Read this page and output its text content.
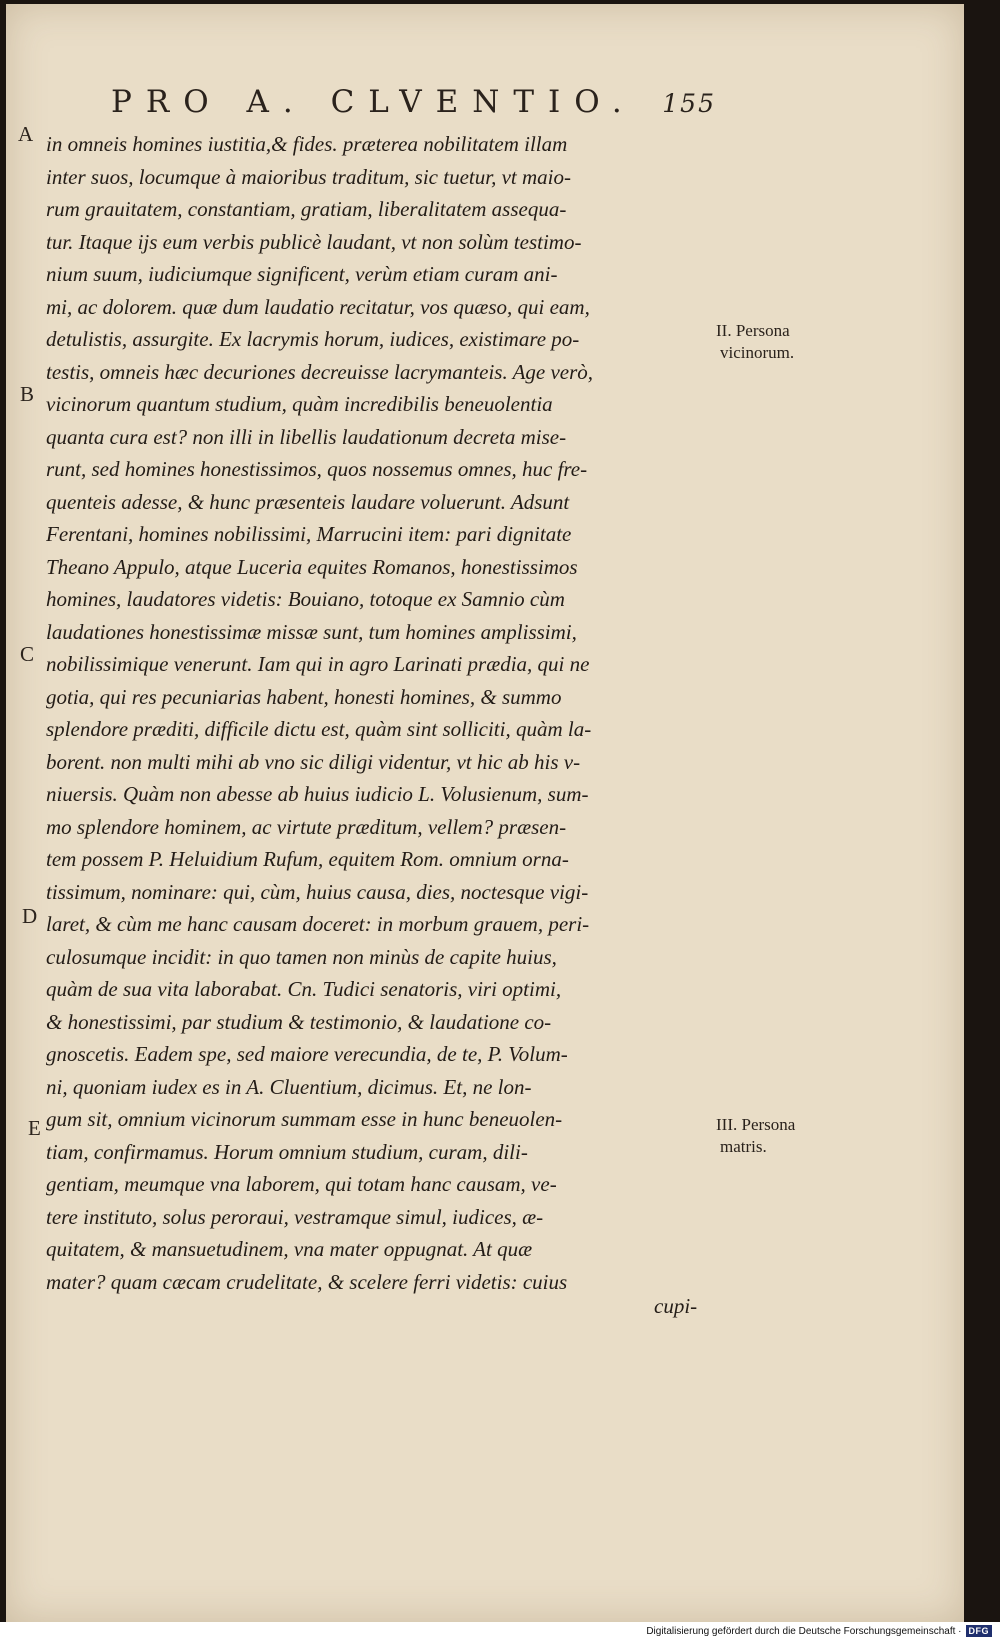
PRO A. CLVENTIO. 155
A
B
C
D
E
in omneis homines iustitia,& fides. præterea nobilitatem illam
inter suos, locumque à maioribus traditum, sic tuetur, vt maio-
rum grauitatem, constantiam, gratiam, liberalitatem assequa-
tur. Itaque ijs eum verbis publicè laudant, vt non solùm testimo-
nium suum, iudiciumque significent, verùm etiam curam ani-
mi, ac dolorem. quæ dum laudatio recitatur, vos quæso, qui eam,
detulistis, assurgite. Ex lacrymis horum, iudices, existimare po-
testis, omneis hæc decuriones decreuisse lacrymanteis. Age verò,
vicinorum quantum studium, quàm incredibilis beneuolentia
quanta cura est? non illi in libellis laudationum decreta mise-
runt, sed homines honestissimos, quos nossemus omnes, huc fre-
quenteis adesse, & hunc præsenteis laudare voluerunt. Adsunt
Ferentani, homines nobilissimi, Marrucini item: pari dignitate
Theano Appulo, atque Luceria equites Romanos, honestissimos
homines, laudatores videtis: Bouiano, totoque ex Samnio cùm
laudationes honestissimæ missæ sunt, tum homines amplissimi,
nobilissimique venerunt. Iam qui in agro Larinati prædia, qui ne
gotia, qui res pecuniarias habent, honesti homines, & summo
splendore præditi, difficile dictu est, quàm sint solliciti, quàm la-
borent. non multi mihi ab vno sic diligi videntur, vt hic ab his v-
niuersis. Quàm non abesse ab huius iudicio L. Volusienum, sum-
mo splendore hominem, ac virtute præditum, vellem? præsen-
tem possem P. Heluidium Rufum, equitem Rom. omnium orna-
tissimum, nominare: qui, cùm, huius causa, dies, noctesque vigi-
laret, & cùm me hanc causam doceret: in morbum grauem, peri-
culosumque incidit: in quo tamen non minùs de capite huius,
quàm de sua vita laborabat. Cn. Tudici senatoris, viri optimi,
& honestissimi, par studium & testimonio, & laudatione co-
gnoscetis. Eadem spe, sed maiore verecundia, de te, P. Volum-
ni, quoniam iudex es in A. Cluentium, dicimus. Et, ne lon-
gum sit, omnium vicinorum summam esse in hunc beneuolen-
tiam, confirmamus. Horum omnium studium, curam, dili-
gentiam, meumque vna laborem, qui totam hanc causam, ve-
tere instituto, solus peroraui, vestramque simul, iudices, æ-
quitatem, & mansuetudinem, vna mater oppugnat. At quæ
mater? quam cæcam crudelitate, & scelere ferri videtis: cuius
II. Persona
vicinorum.
III. Persona
matris.
cupi-
Digitalisierung gefördert durch die Deutsche Forschungsgemeinschaft · DFG
